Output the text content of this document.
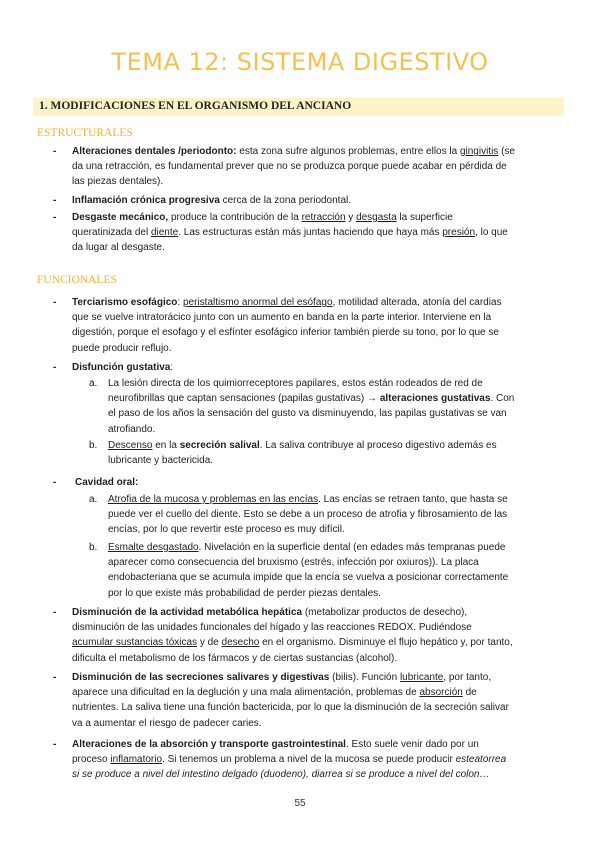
TEMA 12: SISTEMA DIGESTIVO
1. MODIFICACIONES EN EL ORGANISMO DEL ANCIANO
ESTRUCTURALES
- Alteraciones dentales /periodonto: esta zona sufre algunos problemas, entre ellos la gingivitis (se
da una retracción, es fundamental prever que no se produzca porque puede acabar en pérdida de
las piezas dentales).
- Inflamación crónica progresiva cerca de la zona periodontal.
- Desgaste mecánico, produce la contribución de la retracción y desgasta la superficie
queratinizada del diente. Las estructuras están más juntas haciendo que haya más presión, lo que
da lugar al desgaste.
FUNCIONALES
- Terciarismo esofágico: peristaltismo anormal del esófago, motilidad alterada, atonía del cardias
que se vuelve intratorácico junto con un aumento en banda en la parte interior. Interviene en la
digestión, porque el esofago y el esfínter esofágico inferior también pierde su tono, por lo que se
puede producir reflujo.
- Disfunción gustativa:
a. La lesión directa de los quimiorreceptores papilares, estos están rodeados de red de
neurofibrillas que captan sensaciones (papilas gustativas) → alteraciones gustativas. Con
el paso de los años la sensación del gusto va disminuyendo, las papilas gustativas se van
atrofiando.
b. Descenso en la secreción salival. La saliva contribuye al proceso digestivo además es
lubricante y bactericida.
- Cavidad oral:
a. Atrofia de la mucosa y problemas en las encías. Las encías se retraen tanto, que hasta se
puede ver el cuello del diente. Esto se debe a un proceso de atrofia y fibrosamiento de las
encías, por lo que revertir este proceso es muy difícil.
b. Esmalte desgastado. Nivelación en la superficie dental (en edades más tempranas puede
aparecer como consecuencia del bruxismo (estrés, infección por oxiuros)). La placa
endobacteriana que se acumula impide que la encía se vuelva a posicionar correctamente
por lo que existe más probabilidad de perder piezas dentales.
- Disminución de la actividad metabólica hepática (metabolizar productos de desecho),
disminución de las unidades funcionales del hígado y las reacciones REDOX. Pudiéndose
acumular sustancias tóxicas y de desecho en el organismo. Disminuye el flujo hepático y, por tanto,
dificulta el metabolismo de los fármacos y de ciertas sustancias (alcohol).
- Disminución de las secreciones salivares y digestivas (bilis). Función lubricante, por tanto,
aparece una dificultad en la deglución y una mala alimentación, problemas de absorción de
nutrientes. La saliva tiene una función bactericida, por lo que la disminución de la secreción salivar
va a aumentar el riesgo de padecer caries.
- Alteraciones de la absorción y transporte gastrointestinal. Esto suele venir dado por un
proceso inflamatorio. Si tenemos un problema a nivel de la mucosa se puede producir esteatorrea
si se produce a nivel del intestino delgado (duodeno), diarrea si se produce a nivel del colon…
55
